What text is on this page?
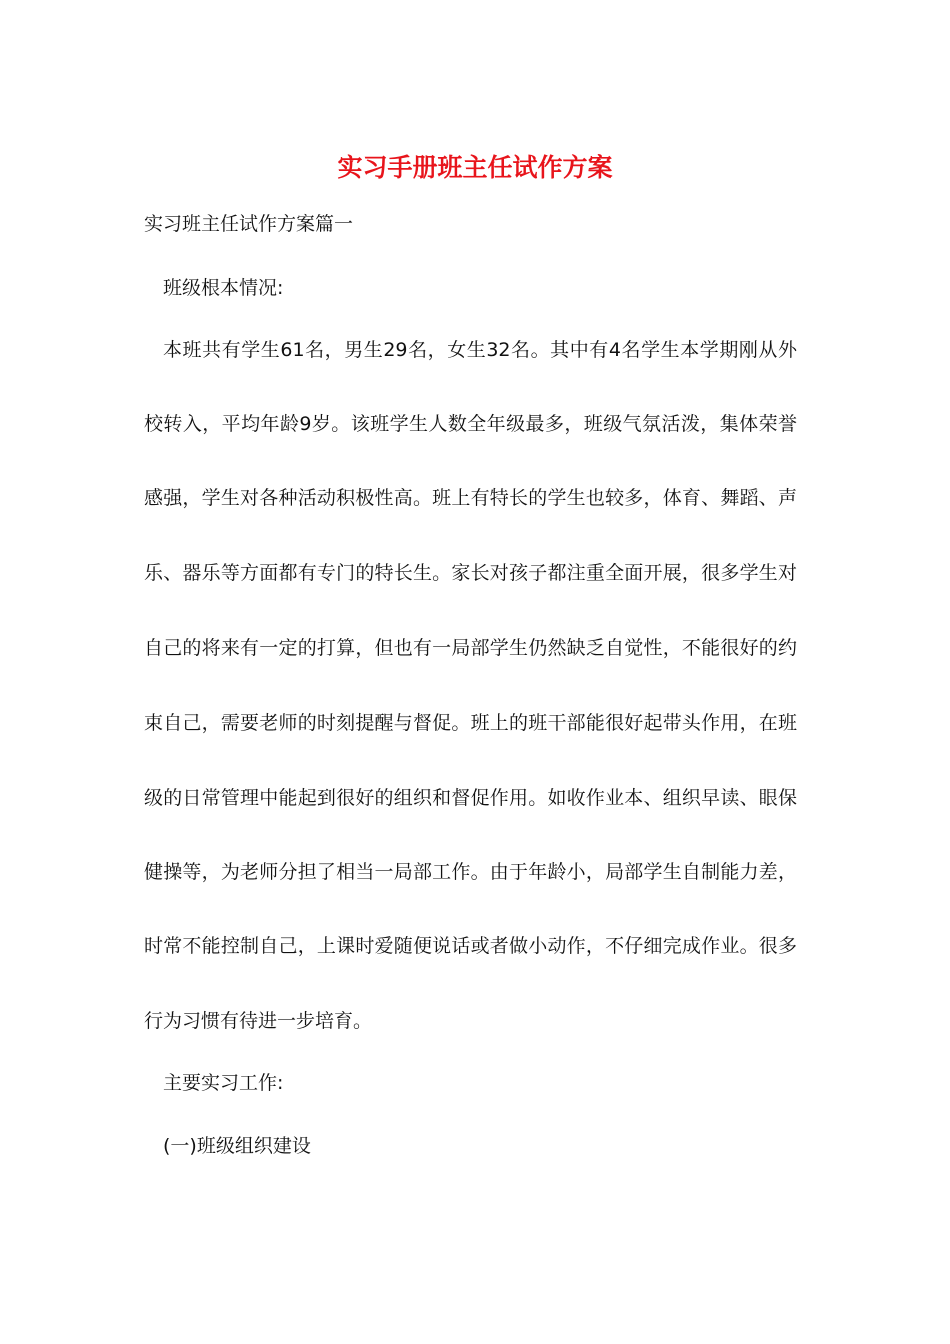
实习手册班主任试作方案

实习班主任试作方案篇一

班级根本情况:

本班共有学生61名，男生29名，女生32名。其中有4名学生本学期刚从外

校转入，平均年龄9岁。该班学生人数全年级最多，班级气氛活泼，集体荣誉

感强，学生对各种活动积极性高。班上有特长的学生也较多，体育、舞蹈、声

乐、器乐等方面都有专门的特长生。家长对孩子都注重全面开展，很多学生对

自己的将来有一定的打算，但也有一局部学生仍然缺乏自觉性，不能很好的约

束自己，需要老师的时刻提醒与督促。班上的班干部能很好起带头作用，在班

级的日常管理中能起到很好的组织和督促作用。如收作业本、组织早读、眼保

健操等，为老师分担了相当一局部工作。由于年龄小，局部学生自制能力差，

时常不能控制自己，上课时爱随便说话或者做小动作，不仔细完成作业。很多

行为习惯有待进一步培育。

主要实习工作:

(一)班级组织建设
